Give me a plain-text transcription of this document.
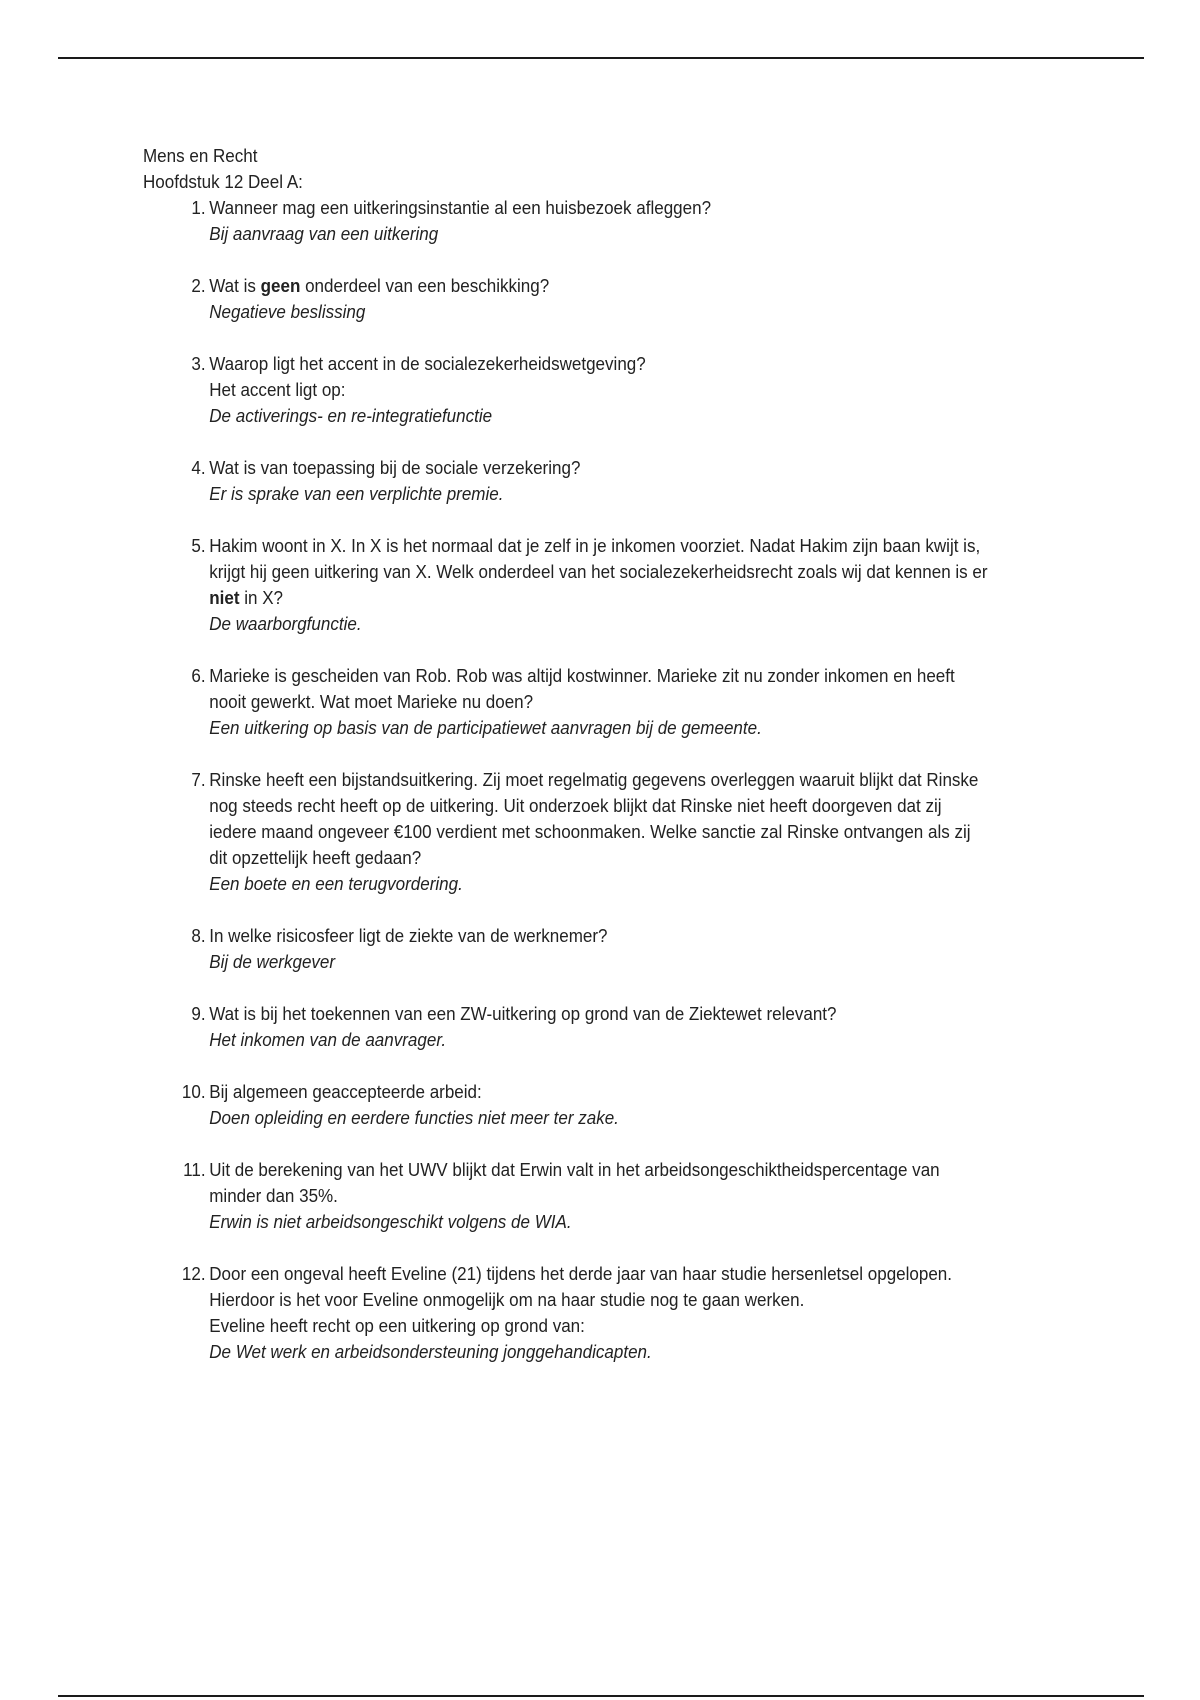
Mens en Recht
Hoofdstuk 12 Deel A:
1. Wanneer mag een uitkeringsinstantie al een huisbezoek afleggen?
Bij aanvraag van een uitkering
2. Wat is geen onderdeel van een beschikking?
Negatieve beslissing
3. Waarop ligt het accent in de socialezekerheidswetgeving?
Het accent ligt op:
De activerings- en re-integratiefunctie
4. Wat is van toepassing bij de sociale verzekering?
Er is sprake van een verplichte premie.
5. Hakim woont in X. In X is het normaal dat je zelf in je inkomen voorziet. Nadat Hakim zijn baan kwijt is, krijgt hij geen uitkering van X. Welk onderdeel van het socialezekerheidsrecht zoals wij dat kennen is er niet in X?
De waarborgfunctie.
6. Marieke is gescheiden van Rob. Rob was altijd kostwinner. Marieke zit nu zonder inkomen en heeft nooit gewerkt. Wat moet Marieke nu doen?
Een uitkering op basis van de participatiewet aanvragen bij de gemeente.
7. Rinske heeft een bijstandsuitkering. Zij moet regelmatig gegevens overleggen waaruit blijkt dat Rinske nog steeds recht heeft op de uitkering. Uit onderzoek blijkt dat Rinske niet heeft doorgeven dat zij iedere maand ongeveer €100 verdient met schoonmaken. Welke sanctie zal Rinske ontvangen als zij dit opzettelijk heeft gedaan?
Een boete en een terugvordering.
8. In welke risicosfeer ligt de ziekte van de werknemer?
Bij de werkgever
9. Wat is bij het toekennen van een ZW-uitkering op grond van de Ziektewet relevant?
Het inkomen van de aanvrager.
10. Bij algemeen geaccepteerde arbeid:
Doen opleiding en eerdere functies niet meer ter zake.
11. Uit de berekening van het UWV blijkt dat Erwin valt in het arbeidsongeschiktheidspercentage van minder dan 35%.
Erwin is niet arbeidsongeschikt volgens de WIA.
12. Door een ongeval heeft Eveline (21) tijdens het derde jaar van haar studie hersenletsel opgelopen. Hierdoor is het voor Eveline onmogelijk om na haar studie nog te gaan werken.
Eveline heeft recht op een uitkering op grond van:
De Wet werk en arbeidsondersteuning jonggehandicapten.
